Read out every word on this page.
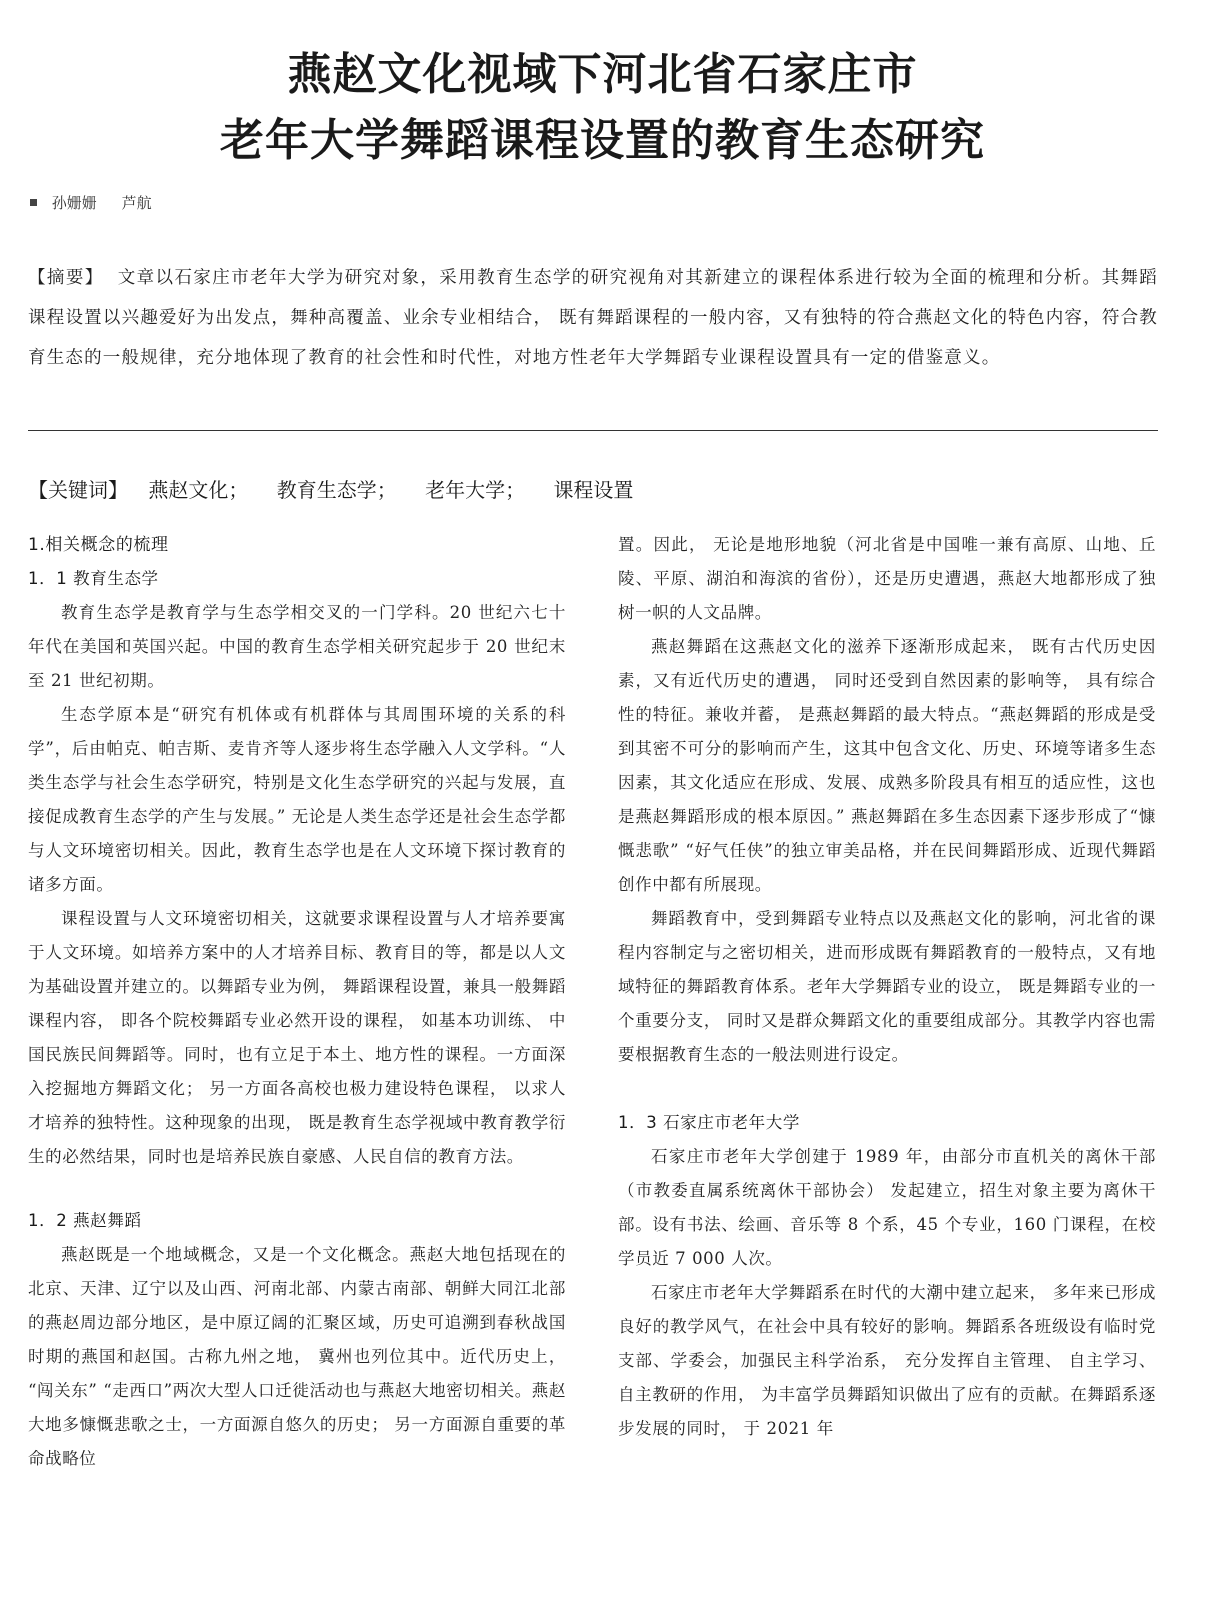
燕赵文化视域下河北省石家庄市
老年大学舞蹈课程设置的教育生态研究
孙姗姗 芦航
【摘要】 文章以石家庄市老年大学为研究对象，采用教育生态学的研究视角对其新建立的课程体系进行较为全面的梳理和分析。其舞蹈课程设置以兴趣爱好为出发点，舞种高覆盖、业余专业相结合， 既有舞蹈课程的一般内容，又有独特的符合燕赵文化的特色内容，符合教育生态的一般规律，充分地体现了教育的社会性和时代性，对地方性老年大学舞蹈专业课程设置具有一定的借鉴意义。
【关键词】 燕赵文化； 教育生态学； 老年大学； 课程设置
1.相关概念的梳理
1．1 教育生态学

教育生态学是教育学与生态学相交叉的一门学科。20 世纪六七十年代在美国和英国兴起。中国的教育生态学相关研究起步于 20 世纪末至 21 世纪初期。

生态学原本是“研究有机体或有机群体与其周围环境的关系的科学”，后由帕克、帕吉斯、麦肯齐等人逐步将生态学融入人文学科。“人类生态学与社会生态学研究，特别是文化生态学研究的兴起与发展，直接促成教育生态学的产生与发展。” 无论是人类生态学还是社会生态学都与人文环境密切相关。因此，教育生态学也是在人文环境下探讨教育的诸多方面。

课程设置与人文环境密切相关，这就要求课程设置与人才培养要寓于人文环境。如培养方案中的人才培养目标、教育目的等，都是以人文为基础设置并建立的。以舞蹈专业为例， 舞蹈课程设置，兼具一般舞蹈课程内容， 即各个院校舞蹈专业必然开设的课程， 如基本功训练、 中国民族民间舞蹈等。同时，也有立足于本土、地方性的课程。一方面深入挖掘地方舞蹈文化； 另一方面各高校也极力建设特色课程， 以求人才培养的独特性。这种现象的出现， 既是教育生态学视域中教育教学衍生的必然结果，同时也是培养民族自豪感、人民自信的教育方法。

1．2 燕赵舞蹈

燕赵既是一个地域概念，又是一个文化概念。燕赵大地包括现在的北京、天津、辽宁以及山西、河南北部、内蒙古南部、朝鲜大同江北部的燕赵周边部分地区，是中原辽阔的汇聚区域，历史可追溯到春秋战国时期的燕国和赵国。古称九州之地， 冀州也列位其中。近代历史上， “闯关东” “走西口”两次大型人口迁徙活动也与燕赵大地密切相关。燕赵大地多慷慨悲歌之士，一方面源自悠久的历史； 另一方面源自重要的革命战略位

置。因此， 无论是地形地貌（河北省是中国唯一兼有高原、山地、丘陵、平原、湖泊和海滨的省份），还是历史遭遇，燕赵大地都形成了独树一帜的人文品牌。

燕赵舞蹈在这燕赵文化的滋养下逐渐形成起来， 既有古代历史因素，又有近代历史的遭遇， 同时还受到自然因素的影响等， 具有综合性的特征。兼收并蓄， 是燕赵舞蹈的最大特点。“燕赵舞蹈的形成是受到其密不可分的影响而产生，这其中包含文化、历史、环境等诸多生态因素，其文化适应在形成、发展、成熟多阶段具有相互的适应性，这也是燕赵舞蹈形成的根本原因。” 燕赵舞蹈在多生态因素下逐步形成了“慷慨悲歌” “好气任侠”的独立审美品格，并在民间舞蹈形成、近现代舞蹈创作中都有所展现。

舞蹈教育中，受到舞蹈专业特点以及燕赵文化的影响，河北省的课程内容制定与之密切相关，进而形成既有舞蹈教育的一般特点，又有地域特征的舞蹈教育体系。老年大学舞蹈专业的设立， 既是舞蹈专业的一个重要分支， 同时又是群众舞蹈文化的重要组成部分。其教学内容也需要根据教育生态的一般法则进行设定。

1．3 石家庄市老年大学

石家庄市老年大学创建于 1989 年，由部分市直机关的离休干部（市教委直属系统离休干部协会） 发起建立，招生对象主要为离休干部。设有书法、绘画、音乐等 8 个系，45 个专业，160 门课程，在校学员近 7 000 人次。

石家庄市老年大学舞蹈系在时代的大潮中建立起来， 多年来已形成良好的教学风气，在社会中具有较好的影响。舞蹈系各班级设有临时党支部、学委会，加强民主科学治系， 充分发挥自主管理、 自主学习、 自主教研的作用， 为丰富学员舞蹈知识做出了应有的贡献。在舞蹈系逐步发展的同时， 于 2021 年
